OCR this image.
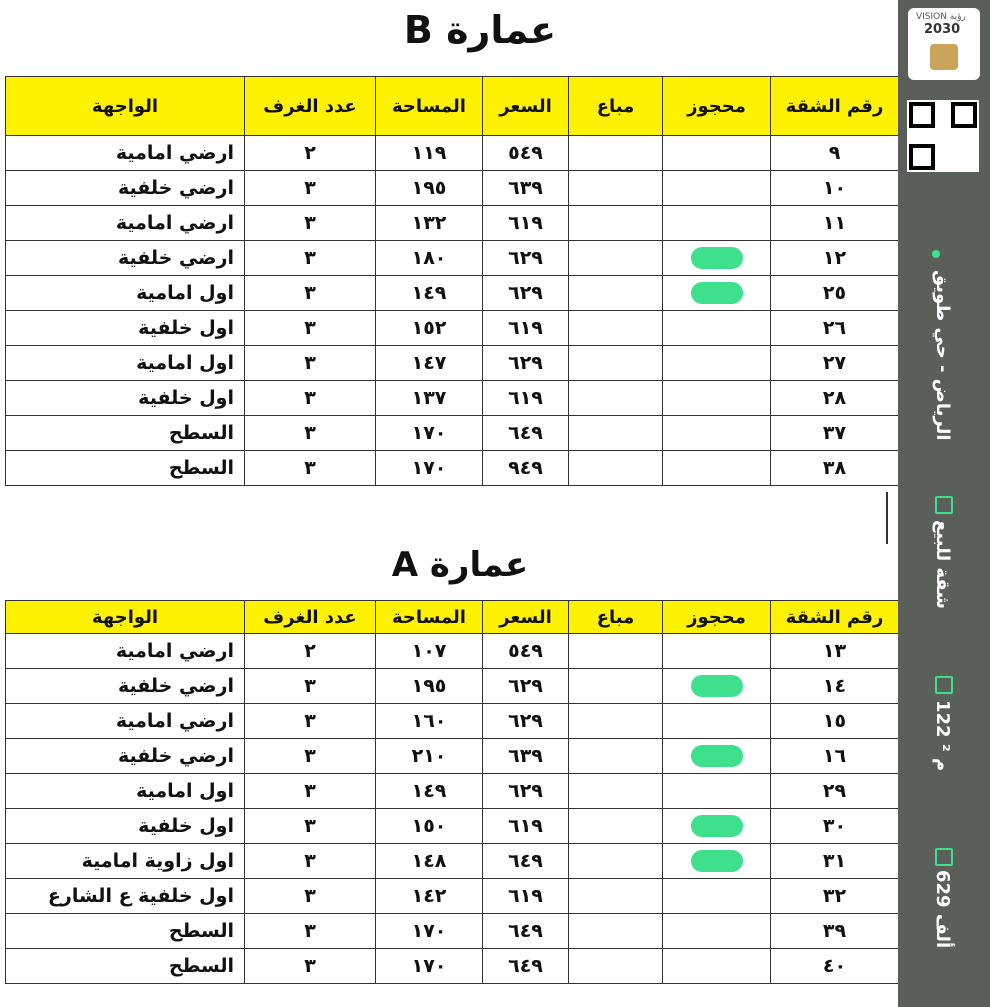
عمارة B
رقم الشقة	محجوز	مباع	السعر	المساحة	عدد الغرف	الواجهة
٩			٥٤٩	١١٩	٢	ارضي امامية
١٠			٦٣٩	١٩٥	٣	ارضي خلفية
١١			٦١٩	١٣٢	٣	ارضي امامية
١٢			٦٢٩	١٨٠	٣	ارضي خلفية
٢٥			٦٢٩	١٤٩	٣	اول امامية
٢٦			٦١٩	١٥٢	٣	اول خلفية
٢٧			٦٢٩	١٤٧	٣	اول امامية
٢٨			٦١٩	١٣٧	٣	اول خلفية
٣٧			٦٤٩	١٧٠	٣	السطح
٣٨			٩٤٩	١٧٠	٣	السطح
عمارة A
رقم الشقة	محجوز	مباع	السعر	المساحة	عدد الغرف	الواجهة
١٣			٥٤٩	١٠٧	٢	ارضي امامية
١٤			٦٢٩	١٩٥	٣	ارضي خلفية
١٥			٦٢٩	١٦٠	٣	ارضي امامية
١٦			٦٣٩	٢١٠	٣	ارضي خلفية
٢٩			٦٢٩	١٤٩	٣	اول امامية
٣٠			٦١٩	١٥٠	٣	اول خلفية
٣١			٦٤٩	١٤٨	٣	اول زاوية امامية
٣٢			٦١٩	١٤٢	٣	اول خلفية ع الشارع
٣٩			٦٤٩	١٧٠	٣	السطح
٤٠			٦٤٩	١٧٠	٣	السطح
VISION رؤية
2030
الرياض - حي طويق
شقة للبيع
122 م ²
629 ألف
